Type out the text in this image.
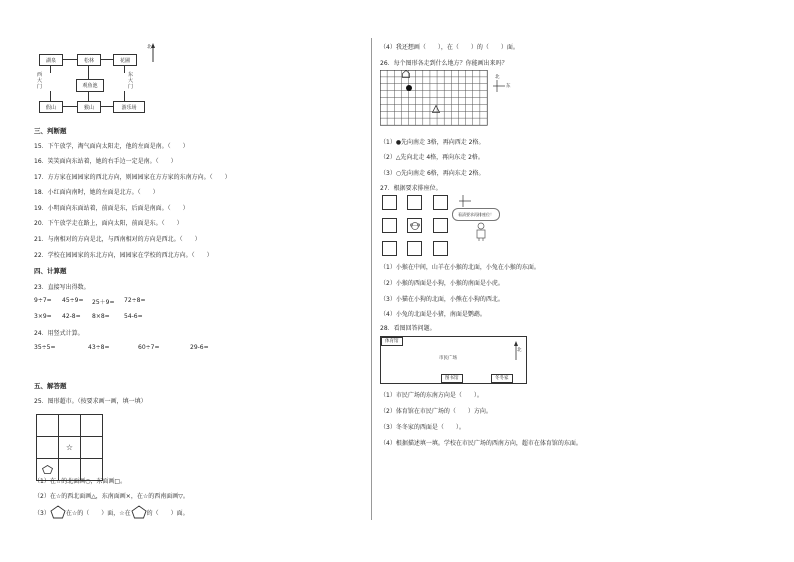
湖泉	松林	花圃
观鱼池
西大门
东大门
假山	猴山	游乐场
北
三、判断题
15．下午放学，淘气面向太阳走，他的左面是南。（　　）
16．笑笑面向东站着，她的右手边一定是南。（　　）
17．方方家在园园家的西北方向，则园园家在方方家的东南方向。（　　）
18．小红面向南时，她的左面是北方。（　　）
19．小明面向东面站着，前面是东，后面是南面。（　　）
20．下午放学走在路上，面向太阳，前面是东。（　　）
21．与南相对的方向是北，与西南相对的方向是西北。（　　）
22．学校在园园家的东北方向，园园家在学校的西北方向。（　　）
四、计算题
23．直接写出得数。
9÷7= 45÷9= 25＋9= 72÷8=
3×9= 42-8= 8×8= 54-6=
24．用竖式计算。
35÷5=	43÷8=	60÷7=	29-6=
五、解答题
25．图形超市。（按要求画一画，填一填）
☆
（1）在☆的北面画○，东面画□。
（2）在☆的西北面画△，东南面画×，在☆的西南面画▽。
（3）	在☆的（　　）面，☆在	的（　　）面。
（4）我还想画（　　），在（　　）的（　　）面。
26．每个图形各走到什么地方？你能画出来吗？
北
东
（1）●先向南走 3格，再向西走 2格。
（2）△先向北走 4格，再向东走 2格。
（3）○先向南走 6格，再向东走 2格。
27．根据要求排座位。
看清要求再排座位！
（1）小猴在中间，山羊在小猴的北面，小兔在小猴的东面。
（2）小猴的西面是小狗，小猴的南面是小虎。
（3）小猫在小狗的北面，小熊在小狗的西北。
（4）小兔的北面是小猪，南面是鹦鹉。
28．看图回答问题。
体育馆
市民广场
图书馆	冬冬家
北
（1）市民广场的东南方向是（　　）。
（2）体育馆在市民广场的（　　）方向。
（3）冬冬家的西面是（　　）。
（4）根据描述填一填。学校在市民广场的西南方向，超市在体育馆的东面。
